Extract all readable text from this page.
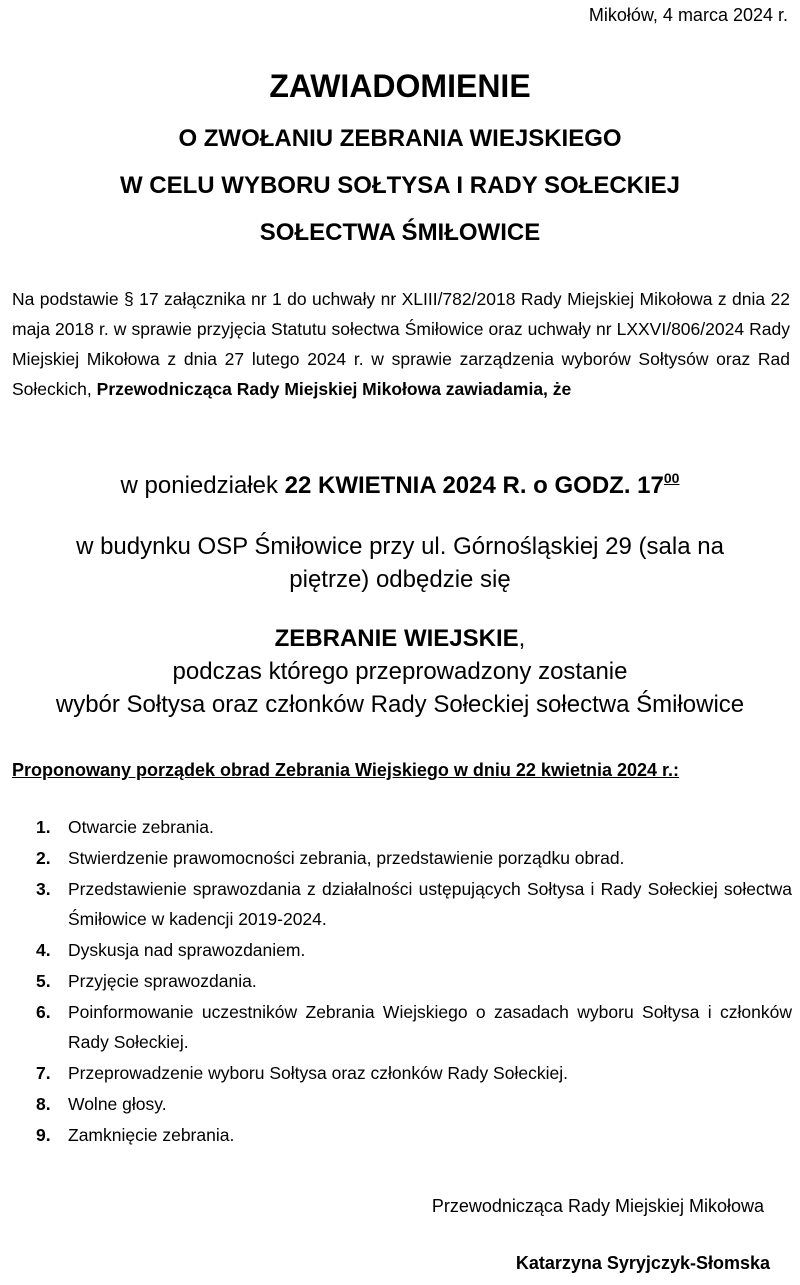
Mikołów, 4 marca 2024 r.
ZAWIADOMIENIE
O ZWOŁANIU ZEBRANIA WIEJSKIEGO
W CELU WYBORU SOŁTYSA I RADY SOŁECKIEJ
SOŁECTWA ŚMIŁOWICE
Na podstawie § 17 załącznika nr 1 do uchwały nr XLIII/782/2018 Rady Miejskiej Mikołowa z dnia 22 maja 2018 r. w sprawie przyjęcia Statutu sołectwa Śmiłowice oraz uchwały nr LXXVI/806/2024 Rady Miejskiej Mikołowa z dnia 27 lutego 2024 r. w sprawie zarządzenia wyborów Sołtysów oraz Rad Sołeckich, Przewodnicząca Rady Miejskiej Mikołowa zawiadamia, że
w poniedziałek 22 KWIETNIA 2024 R. o GODZ. $17^{00}$
w budynku OSP Śmiłowice przy ul. Górnośląskiej 29 (sala na piętrze) odbędzie się
ZEBRANIE WIEJSKIE,
podczas którego przeprowadzony zostanie
wybór Sołtysa oraz członków Rady Sołeckiej sołectwa Śmiłowice
Proponowany porządek obrad Zebrania Wiejskiego w dniu 22 kwietnia 2024 r.:
1. Otwarcie zebrania.
2. Stwierdzenie prawomocności zebrania, przedstawienie porządku obrad.
3. Przedstawienie sprawozdania z działalności ustępujących Sołtysa i Rady Sołeckiej sołectwa Śmiłowice w kadencji 2019-2024.
4. Dyskusja nad sprawozdaniem.
5. Przyjęcie sprawozdania.
6. Poinformowanie uczestników Zebrania Wiejskiego o zasadach wyboru Sołtysa i członków Rady Sołeckiej.
7. Przeprowadzenie wyboru Sołtysa oraz członków Rady Sołeckiej.
8. Wolne głosy.
9. Zamknięcie zebrania.
Przewodnicząca Rady Miejskiej Mikołowa
Katarzyna Syryjczyk-Słomska
